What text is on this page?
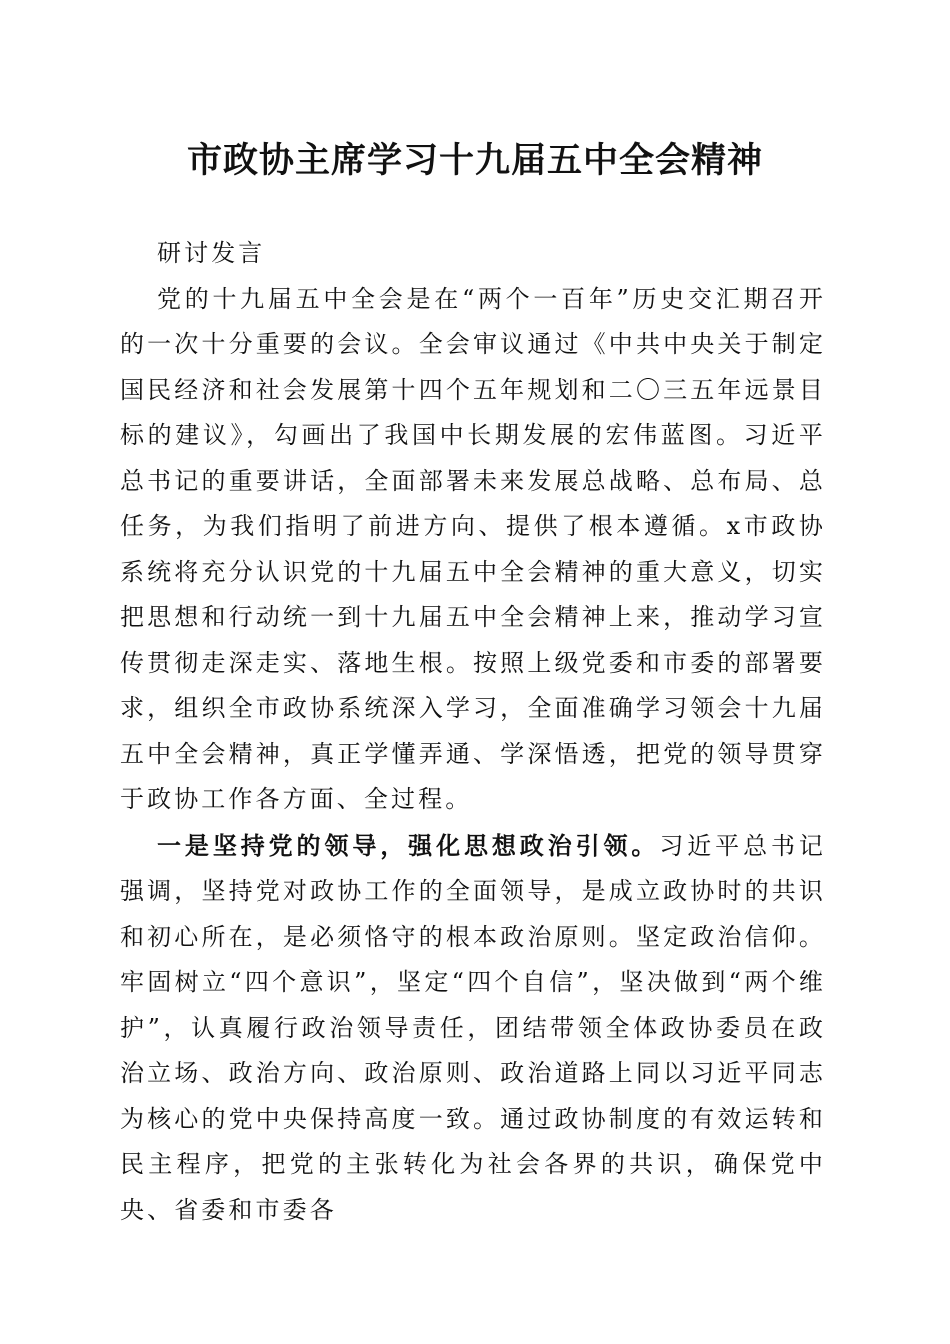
市政协主席学习十九届五中全会精神

研讨发言

党的十九届五中全会是在“两个一百年”历史交汇期召开的一次十分重要的会议。全会审议通过《中共中央关于制定国民经济和社会发展第十四个五年规划和二〇三五年远景目标的建议》，勾画出了我国中长期发展的宏伟蓝图。习近平总书记的重要讲话，全面部署未来发展总战略、总布局、总任务，为我们指明了前进方向、提供了根本遵循。x市政协系统将充分认识党的十九届五中全会精神的重大意义，切实把思想和行动统一到十九届五中全会精神上来，推动学习宣传贯彻走深走实、落地生根。按照上级党委和市委的部署要求，组织全市政协系统深入学习，全面准确学习领会十九届五中全会精神，真正学懂弄通、学深悟透，把党的领导贯穿于政协工作各方面、全过程。

一是坚持党的领导，强化思想政治引领。习近平总书记强调，坚持党对政协工作的全面领导，是成立政协时的共识和初心所在，是必须恪守的根本政治原则。坚定政治信仰。牢固树立“四个意识”，坚定“四个自信”，坚决做到“两个维护”，认真履行政治领导责任，团结带领全体政协委员在政治立场、政治方向、政治原则、政治道路上同以习近平同志为核心的党中央保持高度一致。通过政协制度的有效运转和民主程序，把党的主张转化为社会各界的共识，确保党中央、省委和市委各
